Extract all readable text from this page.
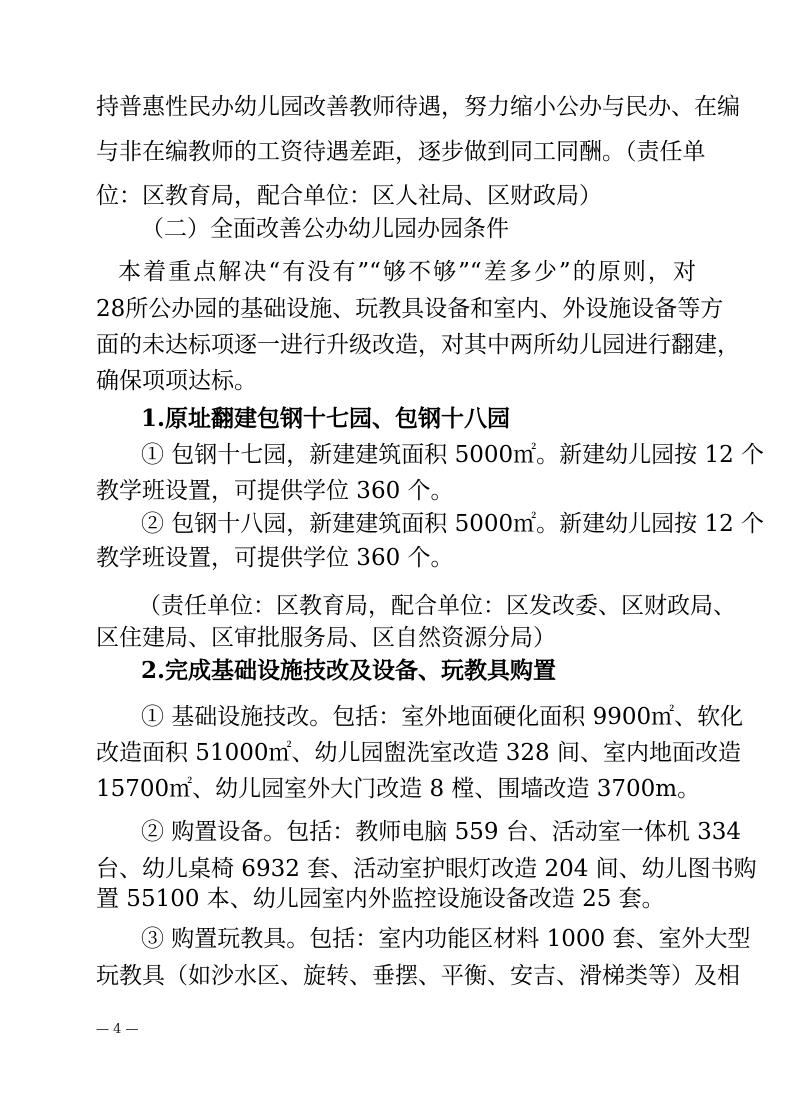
持普惠性民办幼儿园改善教师待遇，努力缩小公办与民办、在编
与非在编教师的工资待遇差距，逐步做到同工同酬。（责任单
位：区教育局，配合单位：区人社局、区财政局）
（二）全面改善公办幼儿园办园条件
本着重点解决“有没有”“够不够”“差多少”的原则，对
28所公办园的基础设施、玩教具设备和室内、外设施设备等方
面的未达标项逐一进行升级改造，对其中两所幼儿园进行翻建，
确保项项达标。
1.原址翻建包钢十七园、包钢十八园
① 包钢十七园，新建建筑面积 5000㎡。新建幼儿园按 12 个
教学班设置，可提供学位 360 个。
② 包钢十八园，新建建筑面积 5000㎡。新建幼儿园按 12 个
教学班设置，可提供学位 360 个。
（责任单位：区教育局，配合单位：区发改委、区财政局、
区住建局、区审批服务局、区自然资源分局）
2.完成基础设施技改及设备、玩教具购置
① 基础设施技改。包括：室外地面硬化面积 9900㎡、软化
改造面积 51000㎡、幼儿园盥洗室改造 328 间、室内地面改造
15700㎡、幼儿园室外大门改造 8 樘、围墙改造 3700m。
② 购置设备。包括：教师电脑 559 台、活动室一体机 334
台、幼儿桌椅 6932 套、活动室护眼灯改造 204 间、幼儿图书购
置 55100 本、幼儿园室内外监控设施设备改造 25 套。
③ 购置玩教具。包括：室内功能区材料 1000 套、室外大型
玩教具（如沙水区、旋转、垂摆、平衡、安吉、滑梯类等）及相
— 4 —
